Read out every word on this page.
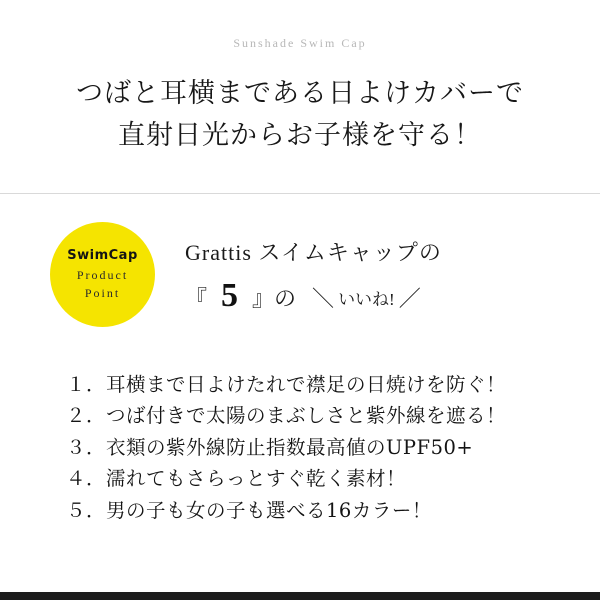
Sunshade Swim Cap
つばと耳横まである日よけカバーで
直射日光からお子様を守る！
SwimCap
Product
Point
Grattis スイムキャップの
『 5 』 の ＼ いいね! ／
１．耳横まで日よけたれで襟足の日焼けを防ぐ！
２．つば付きで太陽のまぶしさと紫外線を遮る！
３．衣類の紫外線防止指数最高値のUPF50+
４．濡れてもさらっとすぐ乾く素材！
５．男の子も女の子も選べる16カラー！
